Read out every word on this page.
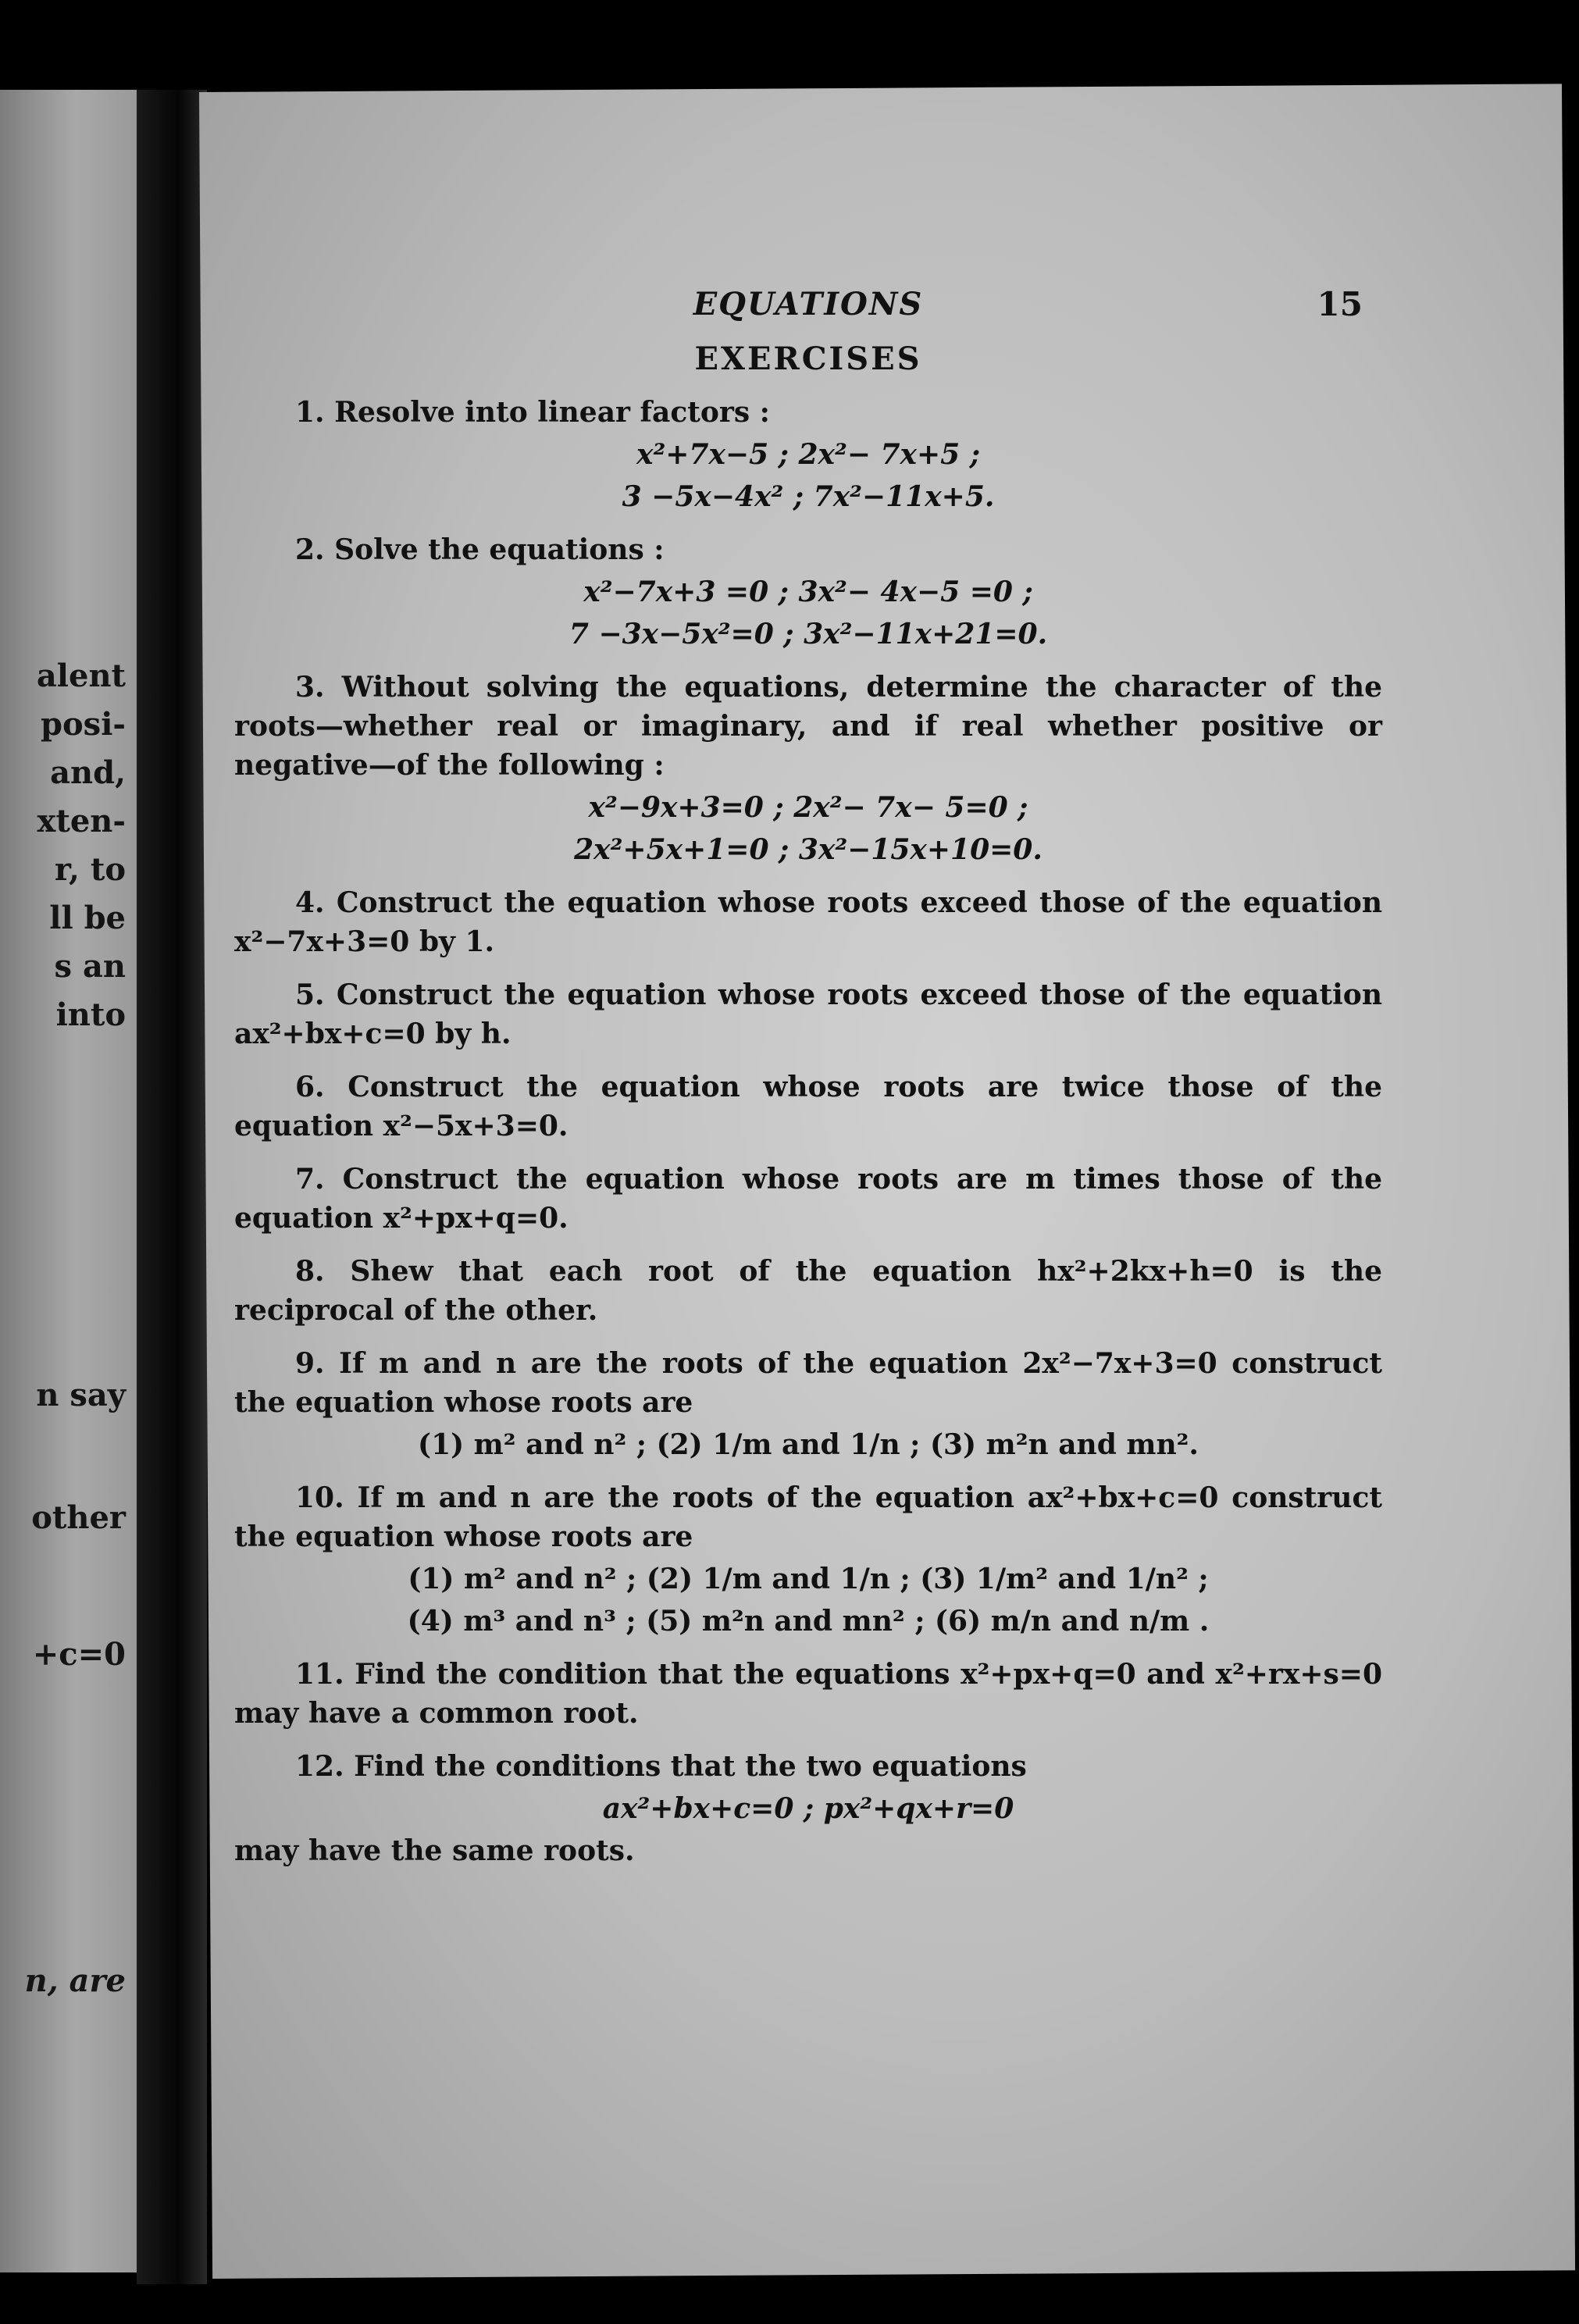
alent
posi-
and,
xten-
r, to
ll be
s an
into
n say
other
+c=0
n, are
EQUATIONS	15
EXERCISES
1. Resolve into linear factors :
x²+7x−5 ; 2x²− 7x+5 ;
3 −5x−4x² ; 7x²−11x+5.
2. Solve the equations :
x²−7x+3 =0 ; 3x²− 4x−5 =0 ;
7 −3x−5x²=0 ; 3x²−11x+21=0.
3. Without solving the equations, determine the character of the roots—whether real or imaginary, and if real whether positive or negative—of the following :
x²−9x+3=0 ; 2x²− 7x− 5=0 ;
2x²+5x+1=0 ; 3x²−15x+10=0.
4. Construct the equation whose roots exceed those of the equation x²−7x+3=0 by 1.
5. Construct the equation whose roots exceed those of the equation ax²+bx+c=0 by h.
6. Construct the equation whose roots are twice those of the equation x²−5x+3=0.
7. Construct the equation whose roots are m times those of the equation x²+px+q=0.
8. Shew that each root of the equation hx²+2kx+h=0 is the reciprocal of the other.
9. If m and n are the roots of the equation 2x²−7x+3=0 construct the equation whose roots are
(1) m² and n² ; (2) 1/m and 1/n ; (3) m²n and mn².
10. If m and n are the roots of the equation ax²+bx+c=0 construct the equation whose roots are
(1) m² and n² ; (2) 1/m and 1/n ; (3) 1/m² and 1/n² ;
(4) m³ and n³ ; (5) m²n and mn² ; (6) m/n and n/m .
11. Find the condition that the equations x²+px+q=0 and x²+rx+s=0 may have a common root.
12. Find the conditions that the two equations
ax²+bx+c=0 ; px²+qx+r=0
may have the same roots.
